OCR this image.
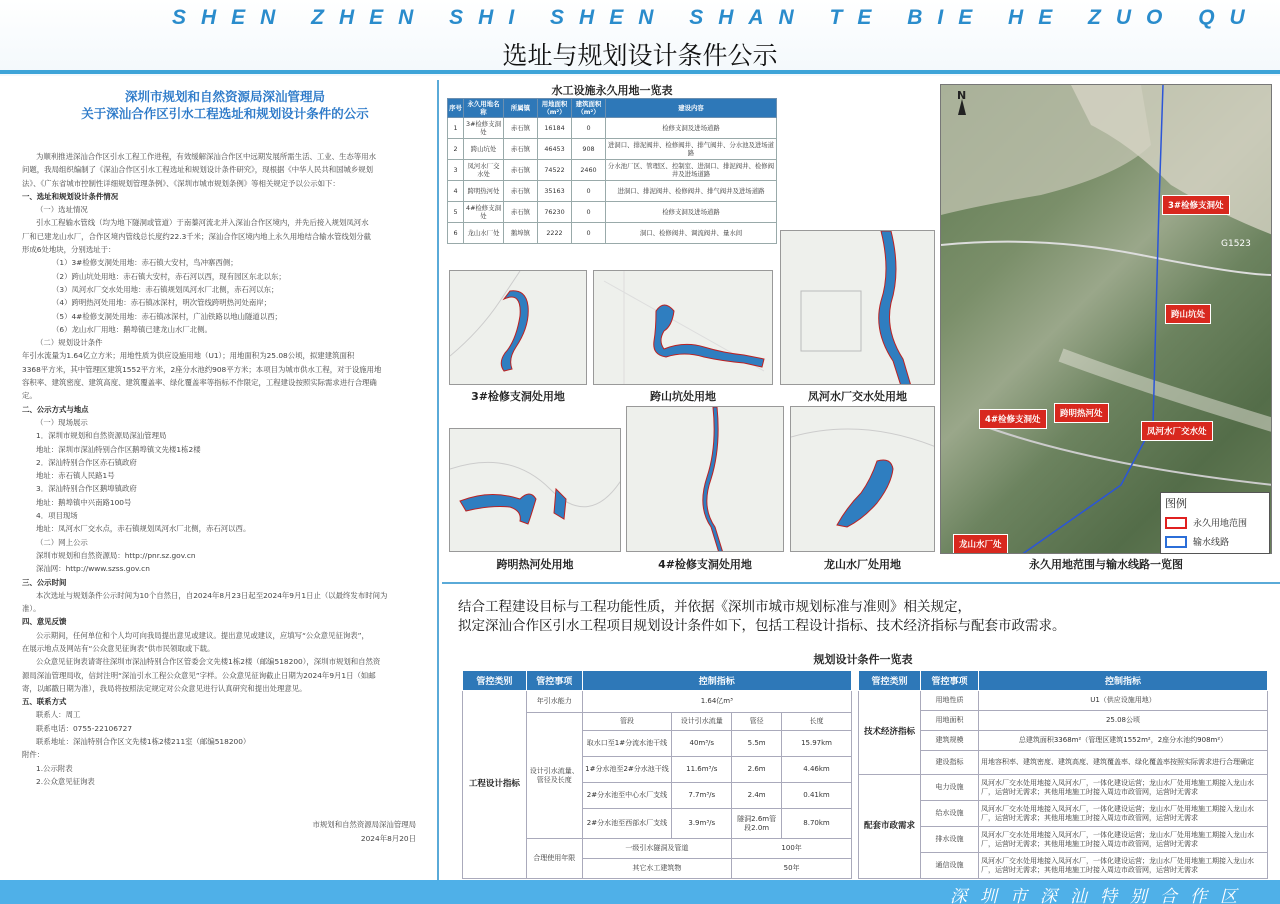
SHEN ZHEN SHI SHEN SHAN TE BIE HE ZUO QU
选址与规划设计条件公示
深圳市规划和自然资源局深汕管理局
关于深汕合作区引水工程选址和规划设计条件的公示

为顺利推进深汕合作区引水工程工作进程，有效缓解深汕合作区中远期发展所需生活、工业、生态等用水

问题，我局组织编制了《深汕合作区引水工程选址和规划设计条件研究》，现根据《中华人民共和国城乡规划

法》、《广东省城市控制性详细规划管理条例》、《深圳市城市规划条例》等相关规定予以公示如下：

一、选址和规划设计条件情况

（一）选址情况

引水工程输水管线（均为地下隧洞或管道）于南蓁河流北并入深汕合作区境内，并先后接入规划凤河水

厂和已建龙山水厂，合作区境内管线总长度约22.3千米；深汕合作区境内地上永久用地结合输水管线划分截

形成6处地块，分别选址于：

（1）3#检修支洞处用地：赤石镇大安村，鸟冲寨西侧；

（2）跨山坑处用地：赤石镇大安村，赤石河以西，现有园区东北以东；

（3）凤河水厂交水处用地：赤石镇规划凤河水厂北侧，赤石河以东；

（4）跨明热河处用地：赤石镇冰深村，明次管线跨明热河处南岸；

（5）4#检修支洞处用地：赤石镇冰深村，广汕铁路以地山隧道以西；

（6）龙山水厂用地：鹅埠镇已建龙山水厂北侧。

（二）规划设计条件

年引水流量为1.64亿立方米；用地性质为供应设施用地（U1）；用地面积为25.08公顷，拟建建筑面积

3368平方米，其中管理区建筑1552平方米，2座分水池约908平方米；本项目为城市供水工程，对于设施用地

容积率、建筑密度、建筑高度、建筑覆盖率、绿化覆盖率等指标不作限定，工程建设按照实际需求进行合理确

定。

二、公示方式与地点

（一）现场展示

1．深圳市规划和自然资源局深汕管理局

地址：深圳市深汕特别合作区鹅埠镇文先楼1栋2楼

2．深汕特别合作区赤石镇政府

地址：赤石镇人民路1号

3．深汕特别合作区鹅埠镇政府

地址：鹅埠镇中兴南路100号

4．项目现场

地址：凤河水厂交水点，赤石镇规划凤河水厂北侧，赤石河以西。

（二）网上公示

深圳市规划和自然资源局：http://pnr.sz.gov.cn

深汕网：http://www.szss.gov.cn

三、公示时间

本次选址与规划条件公示时间为10个自然日，自2024年8月23日起至2024年9月1日止（以最终发布时间为

准）。

四、意见反馈

公示期间，任何单位和个人均可向我局提出意见或建议。提出意见或建议，应填写“公众意见征询表”，

在展示地点及网站有“公众意见征询表”供市民领取或下载。

公众意见征询表请寄往深圳市深汕特别合作区管委会文先楼1栋2楼（邮编518200），深圳市规划和自然资

源局深汕管理局收，信封注明“深汕引水工程公众意见”字样。公众意见征询截止日期为2024年9月1日（如邮

寄，以邮戳日期为准），我局将按照法定规定对公众意见进行认真研究和提出处理意见。

五、联系方式

联系人：周工

联系电话：0755-22106727

联系地址：深汕特别合作区文先楼1栋2楼211室（邮编518200）

附件：

1.公示附表

2.公众意见征询表

市规划和自然资源局深汕管理局
2024年8月20日
水工设施永久用地一览表
序号	永久用地名称	所属镇	用地面积（m²）	建筑面积（m²）	建设内容
1	3#检修支洞处	赤石镇	16184	0	检修支洞及进场道路
2	跨山坑处	赤石镇	46453	908	进洞口、排泥阀井、检修阀井、排气阀井、分水池及进场道路
3	凤河水厂交水处	赤石镇	74522	2460	分水池厂区、管理区、控制室、进洞口、排泥阀井、检修阀井及进场道路
4	跨明热河处	赤石镇	35163	0	进洞口、排泥阀井、检修阀井、排气阀井及进场道路
5	4#检修支洞处	赤石镇	76230	0	检修支洞及进场道路
6	龙山水厂处	鹅埠镇	2222	0	洞口、检修阀井、调流阀井、量水间
3#检修支洞处用地	跨山坑处用地	凤河水厂交水处用地
跨明热河处用地	4#检修支洞处用地	龙山水厂处用地
N
3#检修支洞处
跨山坑处
4#检修支洞处
跨明热河处
凤河水厂交水处
龙山水厂处
G1523
图例
永久用地范围
输水线路
永久用地范围与输水线路一览图
结合工程建设目标与工程功能性质，并依据《深圳市城市规划标准与准则》相关规定，
拟定深汕合作区引水工程项目规划设计条件如下，包括工程设计指标、技术经济指标与配套市政需求。
规划设计条件一览表
管控类别	管控事项	控制指标			
工程设计指标	年引水能力	1.64亿m³			
	设计引水流量、管径及长度	管段	设计引水流量	管径	长度
		取水口至1#分流水池干线	40m³/s	5.5m	15.97km
		1#分水池至2#分水池干线	11.6m³/s	2.6m	4.46km
		2#分水池至中心水厂支线	7.7m³/s	2.4m	0.41km
		2#分水池至西部水厂支线	3.9m³/s	隧洞2.6m管段2.0m	8.70km
	合理使用年限	一级引水隧洞及管道		100年	
		其它水工建筑物		50年	
管控类别	管控事项	控制指标
技术经济指标	用地性质	U1（供应设施用地）
	用地面积	25.08公顷
	建筑规模	总建筑面积3368m²（管理区建筑1552m²，2座分水池约908m²）
	建设指标	用地容积率、建筑密度、建筑高度、建筑覆盖率、绿化覆盖率按照实际需求进行合理确定
配套市政需求	电力设施	凤河水厂交水处用地接入凤河水厂，一体化建设运营；龙山水厂处用地施工期接入龙山水厂，运营时无需求；其他用地施工时接入周边市政管网，运营时无需求
	给水设施	凤河水厂交水处用地接入凤河水厂，一体化建设运营；龙山水厂处用地施工期接入龙山水厂，运营时无需求；其他用地施工时接入周边市政管网，运营时无需求
	排水设施	凤河水厂交水处用地接入凤河水厂，一体化建设运营；龙山水厂处用地施工期接入龙山水厂，运营时无需求；其他用地施工时接入周边市政管网，运营时无需求
	通信设施	凤河水厂交水处用地接入凤河水厂，一体化建设运营；龙山水厂处用地施工期接入龙山水厂，运营时无需求；其他用地施工时接入周边市政管网，运营时无需求
深圳市深汕特别合作区
